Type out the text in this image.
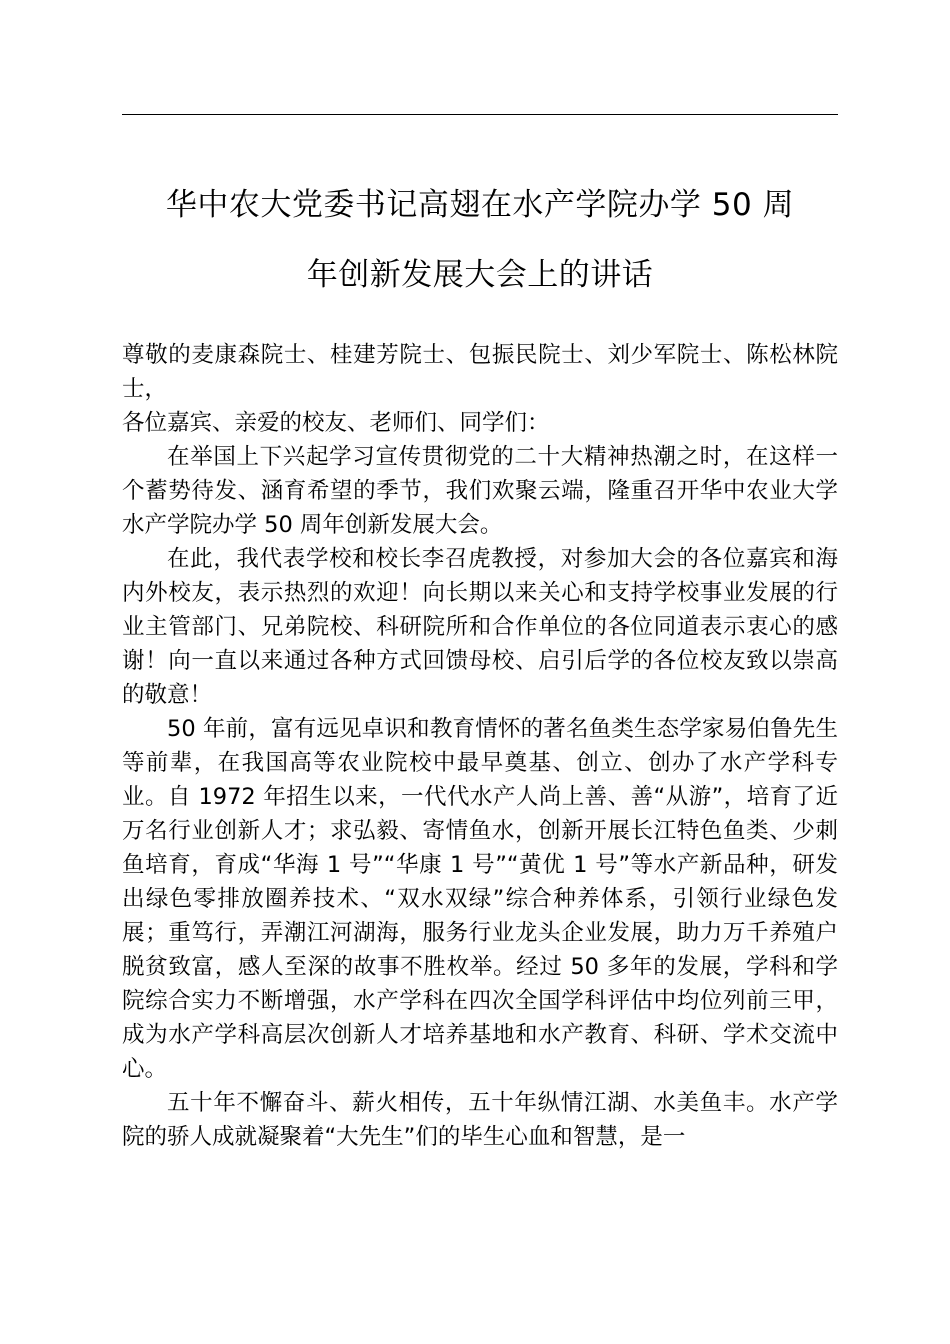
华中农大党委书记高翅在水产学院办学 50 周
年创新发展大会上的讲话

尊敬的麦康森院士、桂建芳院士、包振民院士、刘少军院士、陈松林院士，

各位嘉宾、亲爱的校友、老师们、同学们：

在举国上下兴起学习宣传贯彻党的二十大精神热潮之时，在这样一个蓄势待发、涵育希望的季节，我们欢聚云端，隆重召开华中农业大学水产学院办学 50 周年创新发展大会。

在此，我代表学校和校长李召虎教授，对参加大会的各位嘉宾和海内外校友，表示热烈的欢迎！向长期以来关心和支持学校事业发展的行业主管部门、兄弟院校、科研院所和合作单位的各位同道表示衷心的感谢！向一直以来通过各种方式回馈母校、启引后学的各位校友致以崇高的敬意！

50 年前，富有远见卓识和教育情怀的著名鱼类生态学家易伯鲁先生等前辈，在我国高等农业院校中最早奠基、创立、创办了水产学科专业。自 1972 年招生以来，一代代水产人尚上善、善“从游”，培育了近万名行业创新人才；求弘毅、寄情鱼水，创新开展长江特色鱼类、少刺鱼培育，育成“华海 1 号”“华康 1 号”“黄优 1 号”等水产新品种，研发出绿色零排放圈养技术、“双水双绿”综合种养体系，引领行业绿色发展；重笃行，弄潮江河湖海，服务行业龙头企业发展，助力万千养殖户脱贫致富，感人至深的故事不胜枚举。经过 50 多年的发展，学科和学院综合实力不断增强，水产学科在四次全国学科评估中均位列前三甲，成为水产学科高层次创新人才培养基地和水产教育、科研、学术交流中心。

五十年不懈奋斗、薪火相传，五十年纵情江湖、水美鱼丰。水产学院的骄人成就凝聚着“大先生”们的毕生心血和智慧，是一
